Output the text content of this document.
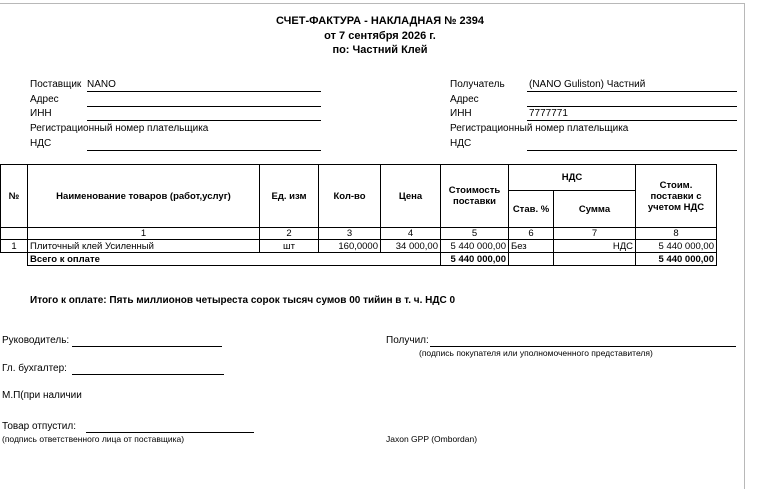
СЧЕТ-ФАКТУРА - НАКЛАДНАЯ № 2394
от 7 сентября 2026 г.
по: Частний Клей
Поставщик NANO
Адрес
ИНН
Регистрационный номер плательщика
НДС
Получатель (NANO Guliston) Частний
Адрес
ИНН	7777771
Регистрационный номер плательщика
НДС
№	Наименование товаров (работ,услуг)	Ед. изм	Кол-во	Цена	Стоимость поставки	НДС		Стоим. поставки с учетом НДС
						Став. %	Сумма	
	1	2	3	4	5	6	7	8
1	Плиточный клей Усиленный	шт	160,0000	34 000,00	5 440 000,00	Без	НДС	5 440 000,00
	Всего к оплате				5 440 000,00			5 440 000,00
Итого к оплате: Пять миллионов четыреста сорок тысяч сумов 00 тийин в т. ч. НДС 0
Руководитель:	Получил:
(подпись покупателя или уполномоченного представителя)
Гл. бухгалтер:
М.П(при наличии
Товар отпустил:
(подпись ответственного лица от поставщика)	Jaxon GPP (Ombordan)
